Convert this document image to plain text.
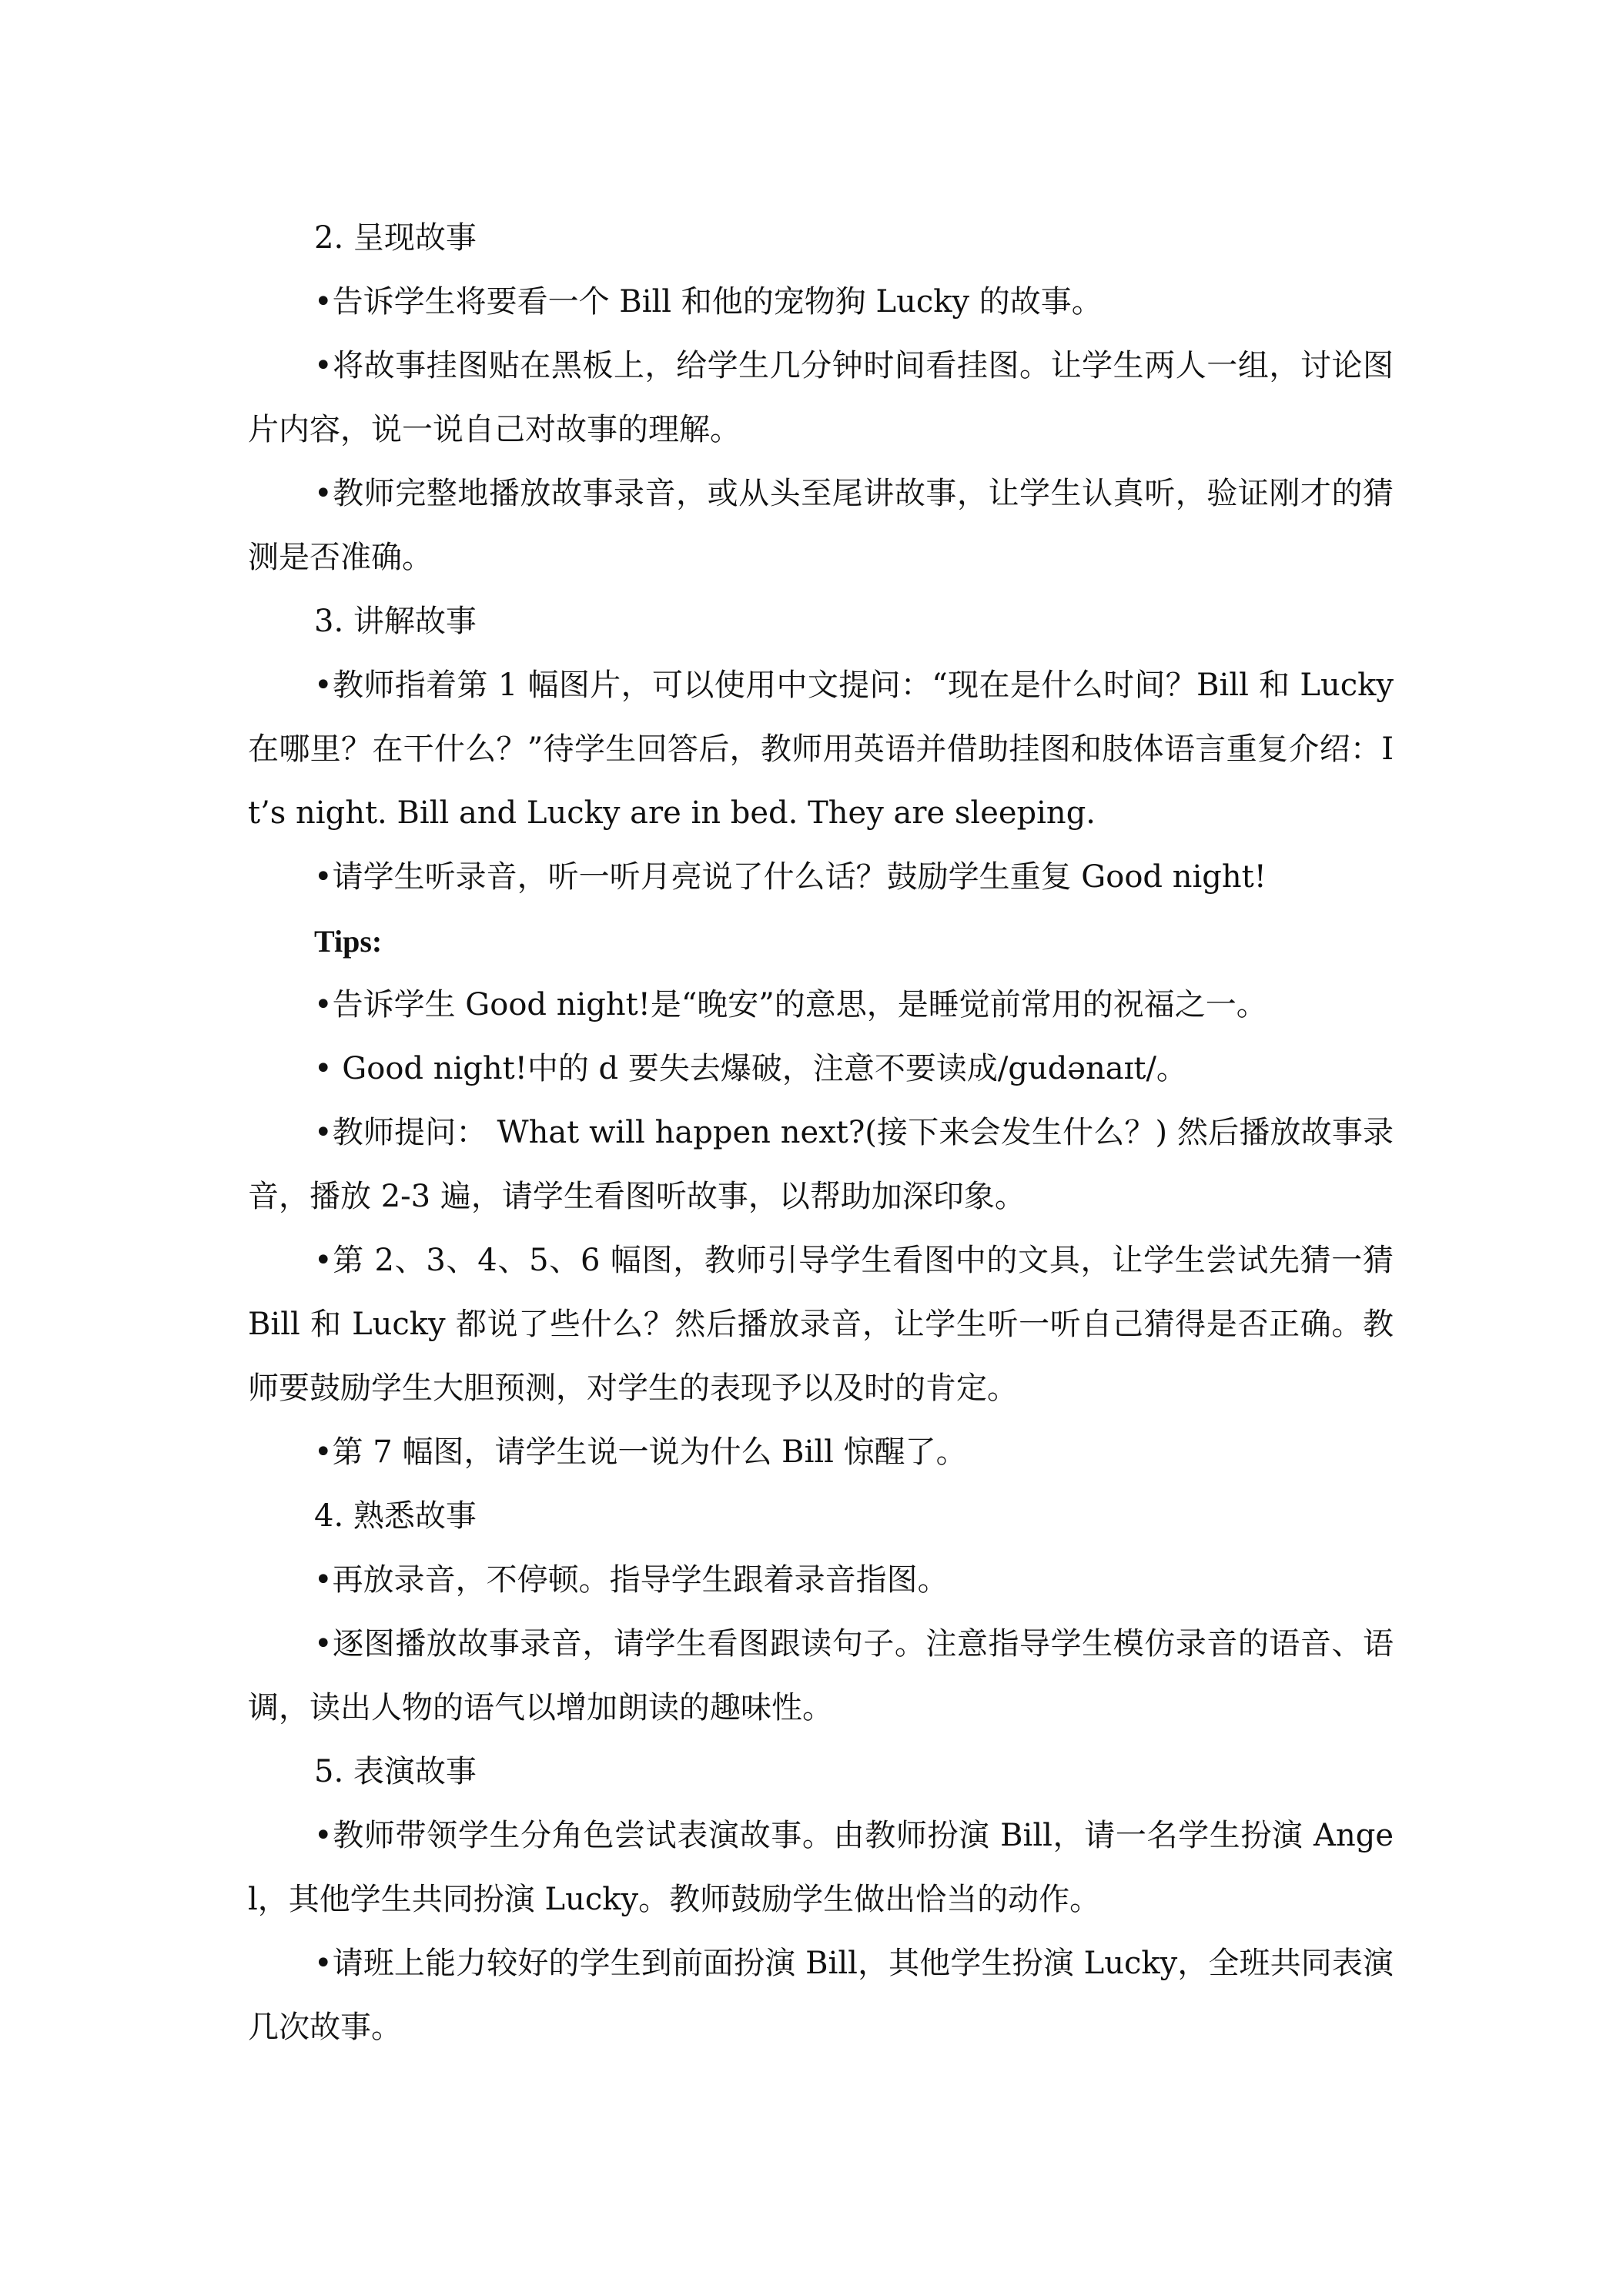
2. 呈现故事

•告诉学生将要看一个 Bill 和他的宠物狗 Lucky 的故事。

•将故事挂图贴在黑板上，给学生几分钟时间看挂图。让学生两人一组，讨论图片内容，说一说自己对故事的理解。

•教师完整地播放故事录音，或从头至尾讲故事，让学生认真听，验证刚才的猜测是否准确。

3. 讲解故事

•教师指着第 1 幅图片，可以使用中文提问：“现在是什么时间？Bill 和 Lucky 在哪里？在干什么？”待学生回答后，教师用英语并借助挂图和肢体语言重复介绍：It’s night. Bill and Lucky are in bed. They are sleeping.

•请学生听录音，听一听月亮说了什么话？鼓励学生重复 Good night!

Tips:

•告诉学生 Good night!是“晚安”的意思，是睡觉前常用的祝福之一。

• Good night!中的 d 要失去爆破，注意不要读成/gudənaɪt/。

•教师提问： What will happen next?(接下来会发生什么？) 然后播放故事录音，播放 2-3 遍，请学生看图听故事，以帮助加深印象。

•第 2、3、4、5、6 幅图，教师引导学生看图中的文具，让学生尝试先猜一猜 Bill 和 Lucky 都说了些什么？然后播放录音，让学生听一听自己猜得是否正确。教师要鼓励学生大胆预测，对学生的表现予以及时的肯定。

•第 7 幅图，请学生说一说为什么 Bill 惊醒了。

4. 熟悉故事

•再放录音，不停顿。指导学生跟着录音指图。

•逐图播放故事录音，请学生看图跟读句子。注意指导学生模仿录音的语音、语调，读出人物的语气以增加朗读的趣味性。

5. 表演故事

•教师带领学生分角色尝试表演故事。由教师扮演 Bill，请一名学生扮演 Angel，其他学生共同扮演 Lucky。教师鼓励学生做出恰当的动作。

•请班上能力较好的学生到前面扮演 Bill，其他学生扮演 Lucky，全班共同表演几次故事。
